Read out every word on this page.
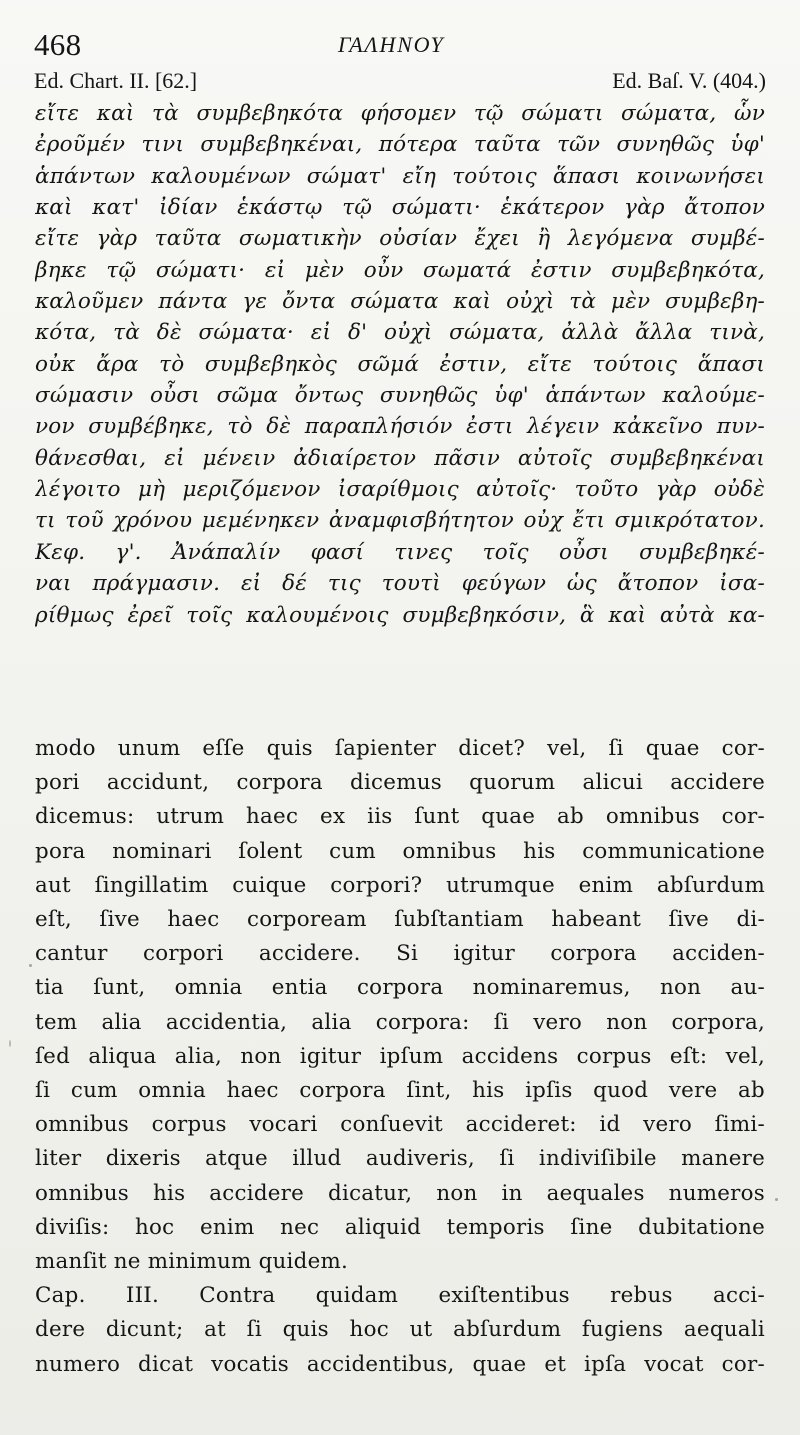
468	ΓΑΛΗΝΟΥ
Ed. Chart. II. [62.]	Ed. Baſ. V. (404.)
εἴτε καὶ τὰ συμβεβηκότα φήσομεν τῷ σώματι σώματα, ὧν
ἐροῦμέν τινι συμβεβηκέναι, πότερα ταῦτα τῶν συνηθῶς ὑφ'
ἁπάντων καλουμένων σώματ' εἴη τούτοις ἅπασι κοινωνήσει
καὶ κατ' ἰδίαν ἑκάστῳ τῷ σώματι· ἑκάτερον γὰρ ἄτοπον
εἴτε γὰρ ταῦτα σωματικὴν οὐσίαν ἔχει ἢ λεγόμενα συμβέ-
βηκε τῷ σώματι· εἰ μὲν οὖν σωματά ἐστιν συμβεβηκότα,
καλοῦμεν πάντα γε ὄντα σώματα καὶ οὐχὶ τὰ μὲν συμβεβη-
κότα, τὰ δὲ σώματα· εἰ δ' οὐχὶ σώματα, ἀλλὰ ἄλλα τινὰ,
οὐκ ἄρα τὸ συμβεβηκὸς σῶμά ἐστιν, εἴτε τούτοις ἅπασι
σώμασιν οὖσι σῶμα ὄντως συνηθῶς ὑφ' ἁπάντων καλούμε-
νον συμβέβηκε, τὸ δὲ παραπλήσιόν ἐστι λέγειν κἀκεῖνο πυν-
θάνεσθαι, εἰ μένειν ἀδιαίρετον πᾶσιν αὐτοῖς συμβεβηκέναι
λέγοιτο μὴ μεριζόμενον ἰσαρίθμοις αὐτοῖς· τοῦτο γὰρ οὐδὲ
τι τοῦ χρόνου μεμένηκεν ἀναμφισβήτητον οὐχ ἔτι σμικρότατον.
Κεφ. γ'. Ἀνάπαλίν φασί τινες τοῖς οὖσι συμβεβηκέ-
ναι πράγμασιν. εἰ δέ τις τουτὶ φεύγων ὡς ἄτοπον ἰσα-
ρίθμως ἐρεῖ τοῖς καλουμένοις συμβεβηκόσιν, ἃ καὶ αὐτὰ κα-
modo unum eſſe quis ſapienter dicet? vel, ſi quae cor-
pori accidunt, corpora dicemus quorum alicui accidere
dicemus: utrum haec ex iis ſunt quae ab omnibus cor-
pora nominari ſolent cum omnibus his communicatione
aut ſingillatim cuique corpori? utrumque enim abſurdum
eſt, ſive haec corpoream ſubſtantiam habeant ſive di-
cantur corpori accidere. Si igitur corpora acciden-
tia ſunt, omnia entia corpora nominaremus, non au-
tem alia accidentia, alia corpora: ſi vero non corpora,
ſed aliqua alia, non igitur ipſum accidens corpus eſt: vel,
ſi cum omnia haec corpora ſint, his ipſis quod vere ab
omnibus corpus vocari conſuevit accideret: id vero ſimi-
liter dixeris atque illud audiveris, ſi indiviſibile manere
omnibus his accidere dicatur, non in aequales numeros
diviſis: hoc enim nec aliquid temporis ſine dubitatione
manſit ne minimum quidem.
Cap. III. Contra quidam exiſtentibus rebus acci-
dere dicunt; at ſi quis hoc ut abſurdum fugiens aequali
numero dicat vocatis accidentibus, quae et ipſa vocat cor-
